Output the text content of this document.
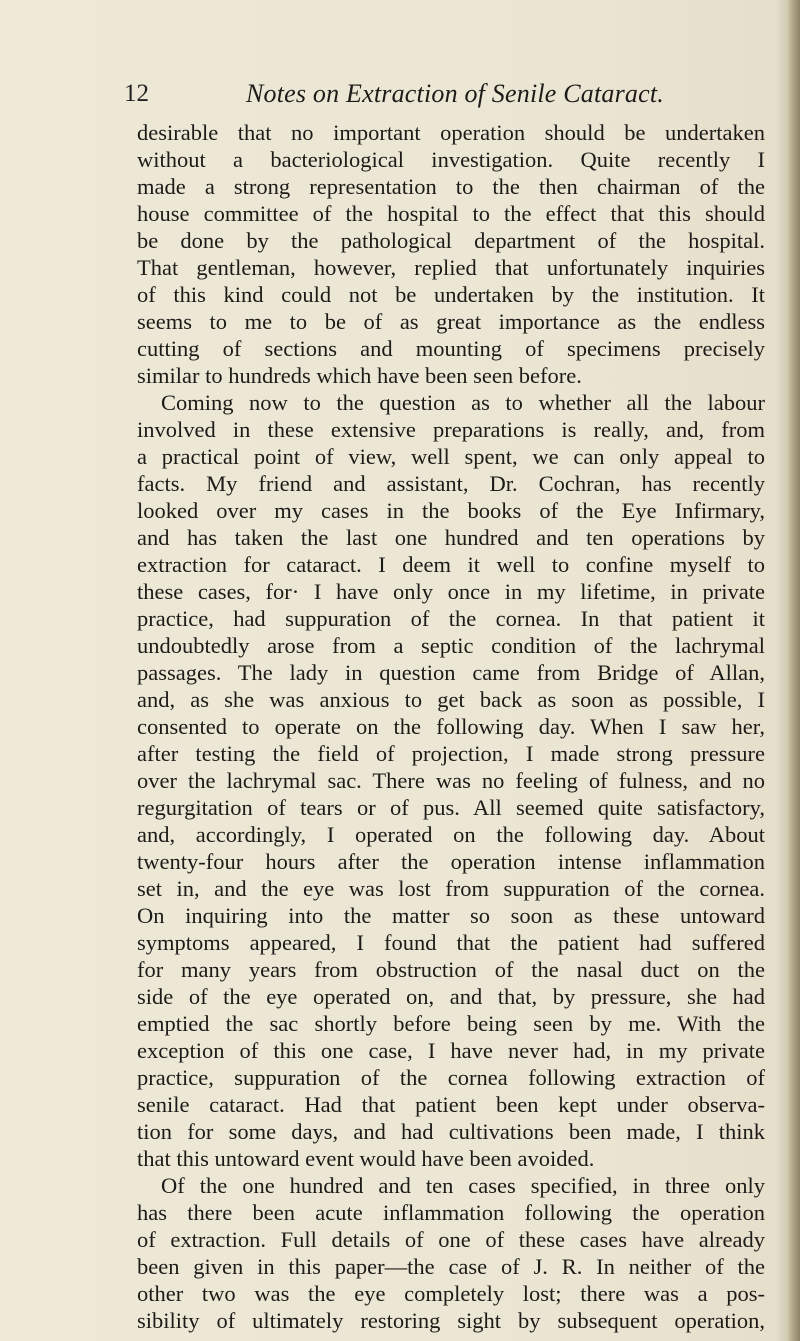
12	Notes on Extraction of Senile Cataract.
desirable that no important operation should be undertaken
without a bacteriological investigation. Quite recently I
made a strong representation to the then chairman of the
house committee of the hospital to the effect that this should
be done by the pathological department of the hospital.
That gentleman, however, replied that unfortunately inquiries
of this kind could not be undertaken by the institution. It
seems to me to be of as great importance as the endless
cutting of sections and mounting of specimens precisely
similar to hundreds which have been seen before.
Coming now to the question as to whether all the labour
involved in these extensive preparations is really, and, from
a practical point of view, well spent, we can only appeal to
facts. My friend and assistant, Dr. Cochran, has recently
looked over my cases in the books of the Eye Infirmary,
and has taken the last one hundred and ten operations by
extraction for cataract. I deem it well to confine myself to
these cases, for· I have only once in my lifetime, in private
practice, had suppuration of the cornea. In that patient it
undoubtedly arose from a septic condition of the lachrymal
passages. The lady in question came from Bridge of Allan,
and, as she was anxious to get back as soon as possible, I
consented to operate on the following day. When I saw her,
after testing the field of projection, I made strong pressure
over the lachrymal sac. There was no feeling of fulness, and no
regurgitation of tears or of pus. All seemed quite satisfactory,
and, accordingly, I operated on the following day. About
twenty-four hours after the operation intense inflammation
set in, and the eye was lost from suppuration of the cornea.
On inquiring into the matter so soon as these untoward
symptoms appeared, I found that the patient had suffered
for many years from obstruction of the nasal duct on the
side of the eye operated on, and that, by pressure, she had
emptied the sac shortly before being seen by me. With the
exception of this one case, I have never had, in my private
practice, suppuration of the cornea following extraction of
senile cataract. Had that patient been kept under observa-
tion for some days, and had cultivations been made, I think
that this untoward event would have been avoided.
Of the one hundred and ten cases specified, in three only
has there been acute inflammation following the operation
of extraction. Full details of one of these cases have already
been given in this paper—the case of J. R. In neither of the
other two was the eye completely lost; there was a pos-
sibility of ultimately restoring sight by subsequent operation,
